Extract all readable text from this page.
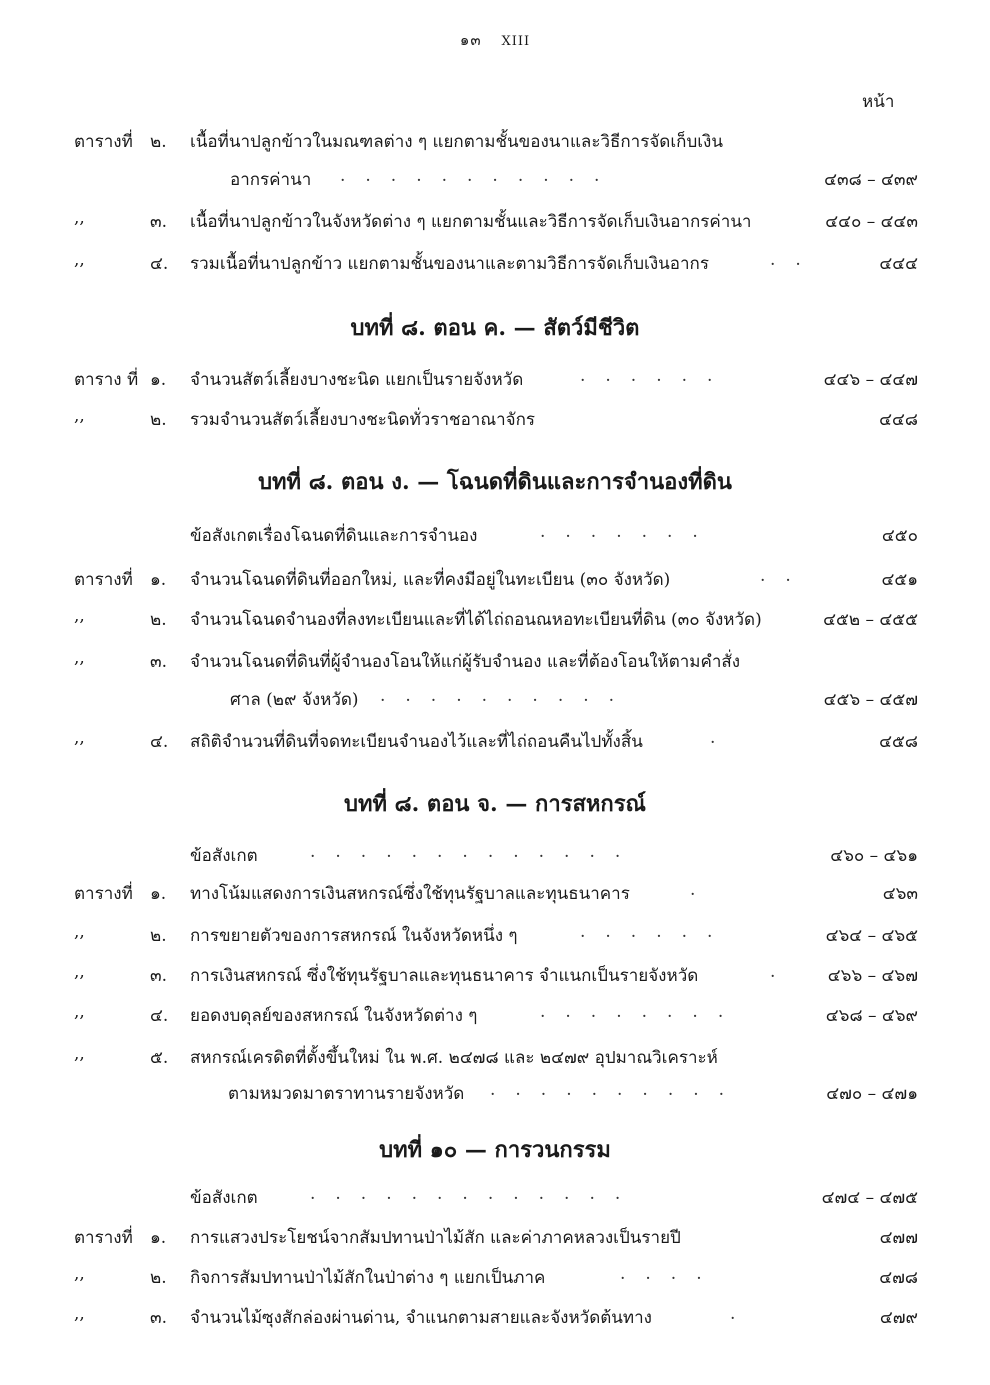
๑๓ XIII
หน้า
บทที่ ๘. ตอน ค. — สัตว์มีชีวิต
บทที่ ๘. ตอน ง. — โฉนดที่ดินและการจำนองที่ดิน
บทที่ ๘. ตอน จ. — การสหกรณ์
บทที่ ๑๐ — การวนกรรม
ตารางที่ ๒. เนื้อที่นาปลูกข้าวในมณฑลต่าง ๆ แยกตามชั้นของนาและวิธีการจัดเก็บเงิน
อากรค่านา ...........	๔๓๘ – ๔๓๙
,,	๓. เนื้อที่นาปลูกข้าวในจังหวัดต่าง ๆ แยกตามชั้นและวิธีการจัดเก็บเงินอากรค่านา	๔๔๐ – ๔๔๓
,,	๔. รวมเนื้อที่นาปลูกข้าว แยกตามชั้นของนาและตามวิธีการจัดเก็บเงินอากร	..	๔๔๔
ตาราง ที่ ๑. จำนวนสัตว์เลี้ยงบางชะนิด แยกเป็นรายจังหวัด	......	๔๔๖ – ๔๔๗
,,	๒. รวมจำนวนสัตว์เลี้ยงบางชะนิดทั่วราชอาณาจักร	๔๔๘
ข้อสังเกตเรื่องโฉนดที่ดินและการจำนอง	.......	๔๕๐
ตารางที่ ๑. จำนวนโฉนดที่ดินที่ออกใหม่, และที่คงมีอยู่ในทะเบียน (๓๐ จังหวัด)	..	๔๕๑
,,	๒. จำนวนโฉนดจำนองที่ลงทะเบียนและที่ได้ไถ่ถอนณหอทะเบียนที่ดิน (๓๐ จังหวัด)	๔๕๒ – ๔๕๕
,,	๓. จำนวนโฉนดที่ดินที่ผู้จำนองโอนให้แก่ผู้รับจำนอง และที่ต้องโอนให้ตามคำสั่ง
ศาล (๒๙ จังหวัด) ..........	๔๕๖ – ๔๕๗
,,	๔. สถิติจำนวนที่ดินที่จดทะเบียนจำนองไว้และที่ไถ่ถอนคืนไปทั้งสิ้น	.	๔๕๘
ข้อสังเกต	.............	๔๖๐ – ๔๖๑
ตารางที่ ๑. ทางโน้มแสดงการเงินสหกรณ์ซึ่งใช้ทุนรัฐบาลและทุนธนาคาร	.	๔๖๓
,,	๒. การขยายตัวของการสหกรณ์ ในจังหวัดหนึ่ง ๆ	......	๔๖๔ – ๔๖๕
,,	๓. การเงินสหกรณ์ ซึ่งใช้ทุนรัฐบาลและทุนธนาคาร จำแนกเป็นรายจังหวัด	. ๔๖๖ – ๔๖๗
,,	๔. ยอดงบดุลย์ของสหกรณ์ ในจังหวัดต่าง ๆ	........	๔๖๘ – ๔๖๙
,,	๕. สหกรณ์เครดิตที่ตั้งขึ้นใหม่ ใน พ.ศ. ๒๔๗๘ และ ๒๔๗๙ อุปมาณวิเคราะห์
ตามหมวดมาตราทานรายจังหวัด ..........	๔๗๐ – ๔๗๑
ข้อสังเกต	.............	๔๗๔ – ๔๗๕
ตารางที่ ๑. การแสวงประโยชน์จากสัมปทานป่าไม้สัก และค่าภาคหลวงเป็นรายปี	๔๗๗
,,	๒. กิจการสัมปทานป่าไม้สักในป่าต่าง ๆ แยกเป็นภาค	....	๔๗๘
,,	๓. จำนวนไม้ซุงสักล่องผ่านด่าน, จำแนกตามสายและจังหวัดต้นทาง	.	๔๗๙
